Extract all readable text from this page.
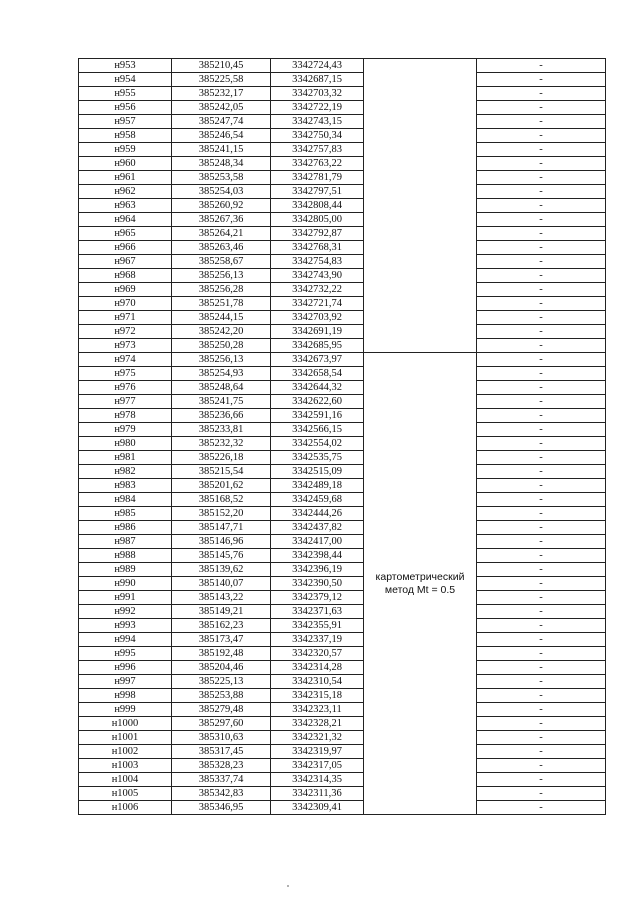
н953	385210,45	3342724,43		-
н954	385225,58	3342687,15		-
н955	385232,17	3342703,32		-
н956	385242,05	3342722,19		-
н957	385247,74	3342743,15		-
н958	385246,54	3342750,34		-
н959	385241,15	3342757,83		-
н960	385248,34	3342763,22		-
н961	385253,58	3342781,79		-
н962	385254,03	3342797,51		-
н963	385260,92	3342808,44		-
н964	385267,36	3342805,00		-
н965	385264,21	3342792,87		-
н966	385263,46	3342768,31		-
н967	385258,67	3342754,83		-
н968	385256,13	3342743,90		-
н969	385256,28	3342732,22		-
н970	385251,78	3342721,74		-
н971	385244,15	3342703,92		-
н972	385242,20	3342691,19		-
н973	385250,28	3342685,95		-
н974	385256,13	3342673,97	картометрический
метод Mt = 0.5	-
н975	385254,93	3342658,54		-
н976	385248,64	3342644,32		-
н977	385241,75	3342622,60		-
н978	385236,66	3342591,16		-
н979	385233,81	3342566,15		-
н980	385232,32	3342554,02		-
н981	385226,18	3342535,75		-
н982	385215,54	3342515,09		-
н983	385201,62	3342489,18		-
н984	385168,52	3342459,68		-
н985	385152,20	3342444,26		-
н986	385147,71	3342437,82		-
н987	385146,96	3342417,00		-
н988	385145,76	3342398,44		-
н989	385139,62	3342396,19		-
н990	385140,07	3342390,50		-
н991	385143,22	3342379,12		-
н992	385149,21	3342371,63		-
н993	385162,23	3342355,91		-
н994	385173,47	3342337,19		-
н995	385192,48	3342320,57		-
н996	385204,46	3342314,28		-
н997	385225,13	3342310,54		-
н998	385253,88	3342315,18		-
н999	385279,48	3342323,11		-
н1000	385297,60	3342328,21		-
н1001	385310,63	3342321,32		-
н1002	385317,45	3342319,97		-
н1003	385328,23	3342317,05		-
н1004	385337,74	3342314,35		-
н1005	385342,83	3342311,36		-
н1006	385346,95	3342309,41		-
